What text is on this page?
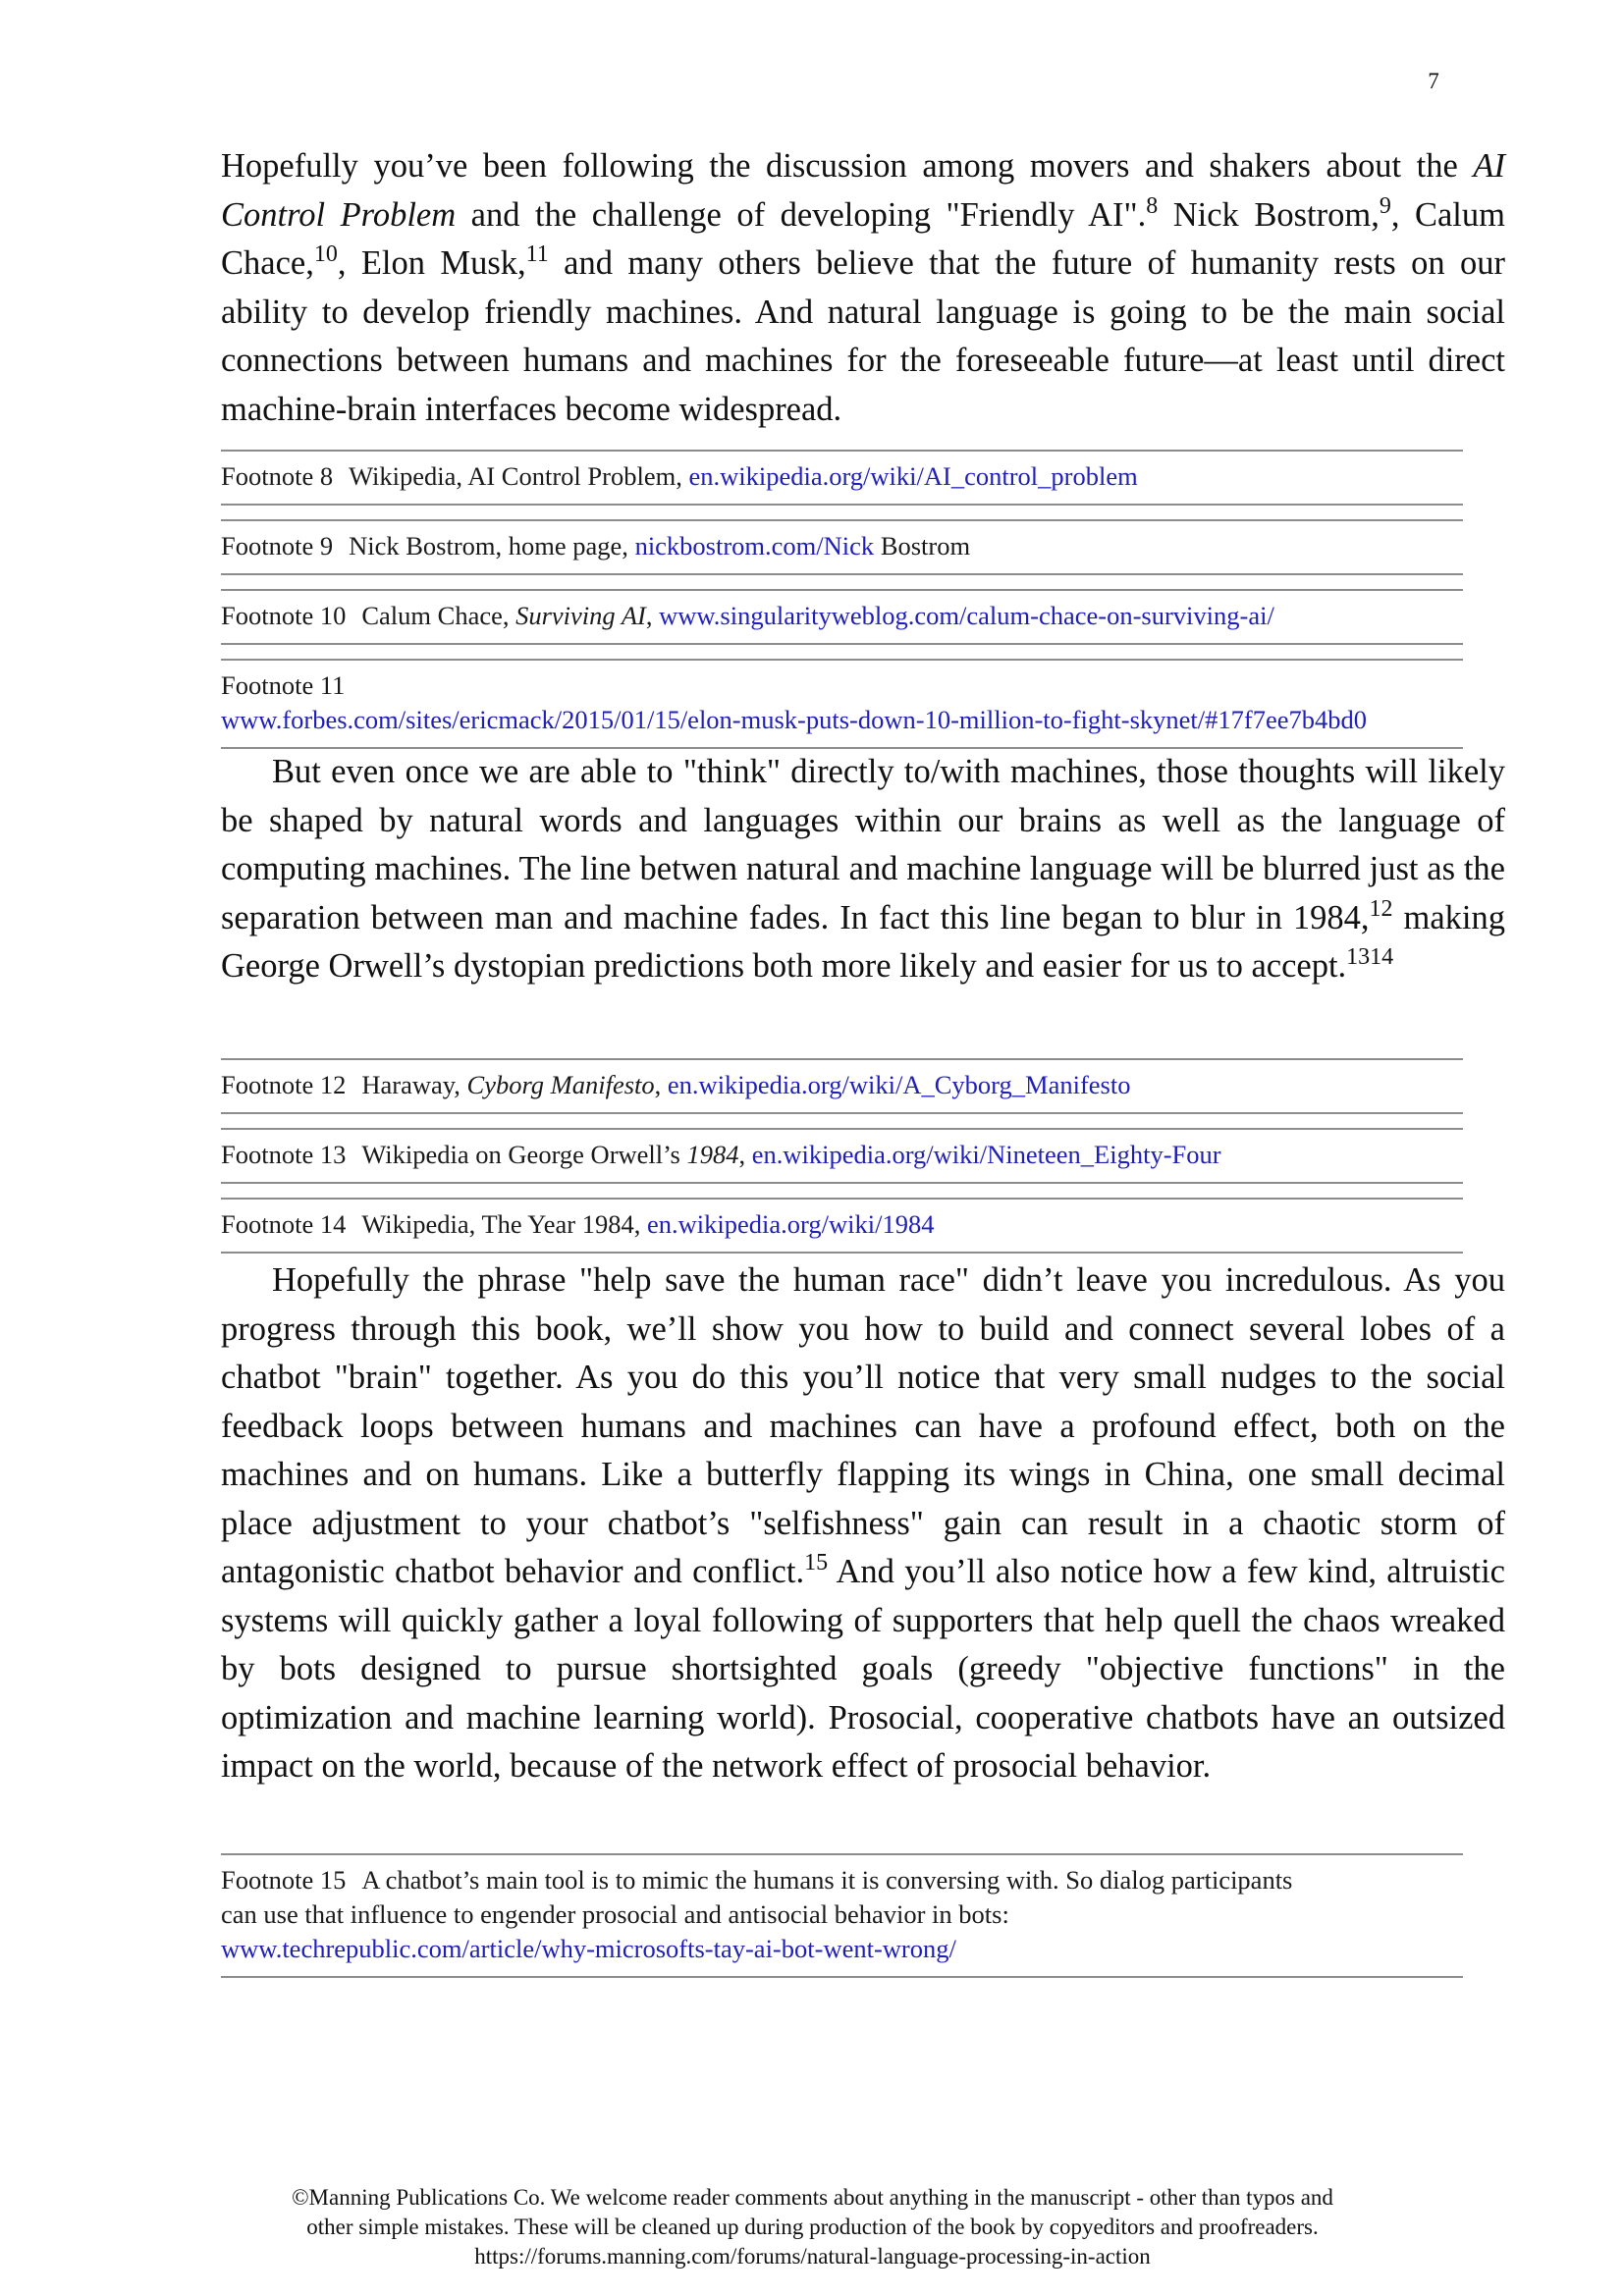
7

Hopefully you’ve been following the discussion among movers and shakers about the AI Control Problem and the challenge of developing "Friendly AI".$^8$ Nick Bostrom,$^9$, Calum Chace,$^{10}$, Elon Musk,$^{11}$ and many others believe that the future of humanity rests on our ability to develop friendly machines. And natural language is going to be the main social connections between humans and machines for the foreseeable future—at least until direct machine-brain interfaces become widespread.

Footnote 8 Wikipedia, AI Control Problem, en.wikipedia.org/wiki/AI_control_problem
Footnote 9 Nick Bostrom, home page, nickbostrom.com/Nick Bostrom
Footnote 10 Calum Chace, Surviving AI, www.singularityweblog.com/calum-chace-on-surviving-ai/
Footnote 11
www.forbes.com/sites/ericmack/2015/01/15/elon-musk-puts-down-10-million-to-fight-skynet/#17f7ee7b4bd0

But even once we are able to "think" directly to/with machines, those thoughts will likely be shaped by natural words and languages within our brains as well as the language of computing machines. The line betwen natural and machine language will be blurred just as the separation between man and machine fades. In fact this line began to blur in 1984,12 making George Orwell’s dystopian predictions both more likely and easier for us to accept.$^{1314}$

Footnote 12 Haraway, Cyborg Manifesto, en.wikipedia.org/wiki/A_Cyborg_Manifesto
Footnote 13 Wikipedia on George Orwell’s 1984, en.wikipedia.org/wiki/Nineteen_Eighty-Four
Footnote 14 Wikipedia, The Year 1984, en.wikipedia.org/wiki/1984

Hopefully the phrase "help save the human race" didn’t leave you incredulous. As you progress through this book, we’ll show you how to build and connect several lobes of a chatbot "brain" together. As you do this you’ll notice that very small nudges to the social feedback loops between humans and machines can have a profound effect, both on the machines and on humans. Like a butterfly flapping its wings in China, one small decimal place adjustment to your chatbot’s "selfishness" gain can result in a chaotic storm of antagonistic chatbot behavior and conflict.$^{15}$ And you’ll also notice how a few kind, altruistic systems will quickly gather a loyal following of supporters that help quell the chaos wreaked by bots designed to pursue shortsighted goals (greedy "objective functions" in the optimization and machine learning world). Prosocial, cooperative chatbots have an outsized impact on the world, because of the network effect of prosocial behavior.

Footnote 15 A chatbot’s main tool is to mimic the humans it is conversing with. So dialog participants
can use that influence to engender prosocial and antisocial behavior in bots:
www.techrepublic.com/article/why-microsofts-tay-ai-bot-went-wrong/
©Manning Publications Co. We welcome reader comments about anything in the manuscript - other than typos and
other simple mistakes. These will be cleaned up during production of the book by copyeditors and proofreaders.
https://forums.manning.com/forums/natural-language-processing-in-action
